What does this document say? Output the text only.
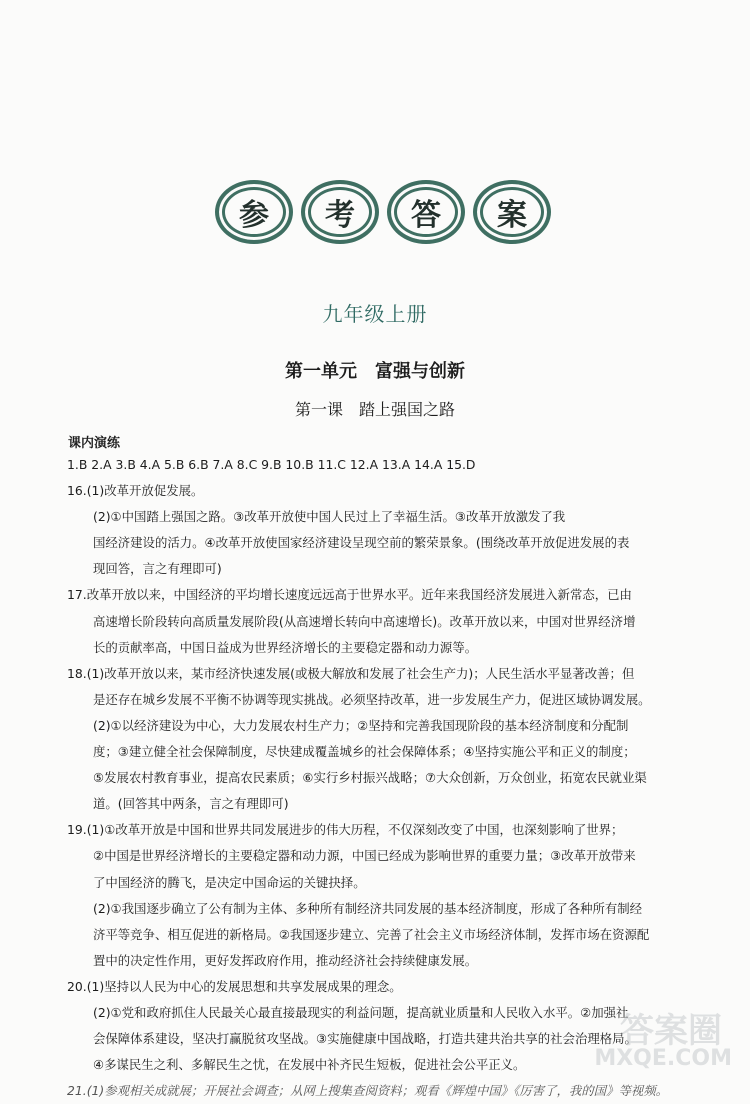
参 考 答 案
九年级上册
第一单元　富强与创新
第一课　踏上强国之路
课内演练
1.B 2.A 3.B 4.A 5.B 6.B 7.A 8.C 9.B 10.B 11.C 12.A 13.A 14.A 15.D
16.(1)改革开放促发展。
(2)①中国踏上强国之路。③改革开放使中国人民过上了幸福生活。③改革开放激发了我
国经济建设的活力。④改革开放使国家经济建设呈现空前的繁荣景象。(围绕改革开放促进发展的表
现回答，言之有理即可)
17.改革开放以来，中国经济的平均增长速度远远高于世界水平。近年来我国经济发展进入新常态，已由
高速增长阶段转向高质量发展阶段(从高速增长转向中高速增长)。改革开放以来，中国对世界经济增
长的贡献率高，中国日益成为世界经济增长的主要稳定器和动力源等。
18.(1)改革开放以来，某市经济快速发展(或极大解放和发展了社会生产力)；人民生活水平显著改善；但
是还存在城乡发展不平衡不协调等现实挑战。必须坚持改革，进一步发展生产力，促进区域协调发展。
(2)①以经济建设为中心，大力发展农村生产力；②坚持和完善我国现阶段的基本经济制度和分配制
度；③建立健全社会保障制度，尽快建成覆盖城乡的社会保障体系；④坚持实施公平和正义的制度；
⑤发展农村教育事业，提高农民素质；⑥实行乡村振兴战略；⑦大众创新，万众创业，拓宽农民就业渠
道。(回答其中两条，言之有理即可)
19.(1)①改革开放是中国和世界共同发展进步的伟大历程，不仅深刻改变了中国，也深刻影响了世界；
②中国是世界经济增长的主要稳定器和动力源，中国已经成为影响世界的重要力量；③改革开放带来
了中国经济的腾飞，是决定中国命运的关键抉择。
(2)①我国逐步确立了公有制为主体、多种所有制经济共同发展的基本经济制度，形成了各种所有制经
济平等竞争、相互促进的新格局。②我国逐步建立、完善了社会主义市场经济体制，发挥市场在资源配
置中的决定性作用，更好发挥政府作用，推动经济社会持续健康发展。
20.(1)坚持以人民为中心的发展思想和共享发展成果的理念。
(2)①党和政府抓住人民最关心最直接最现实的利益问题，提高就业质量和人民收入水平。②加强社
会保障体系建设，坚决打赢脱贫攻坚战。③实施健康中国战略，打造共建共治共享的社会治理格局。
④多谋民生之利、多解民生之忧，在发展中补齐民生短板，促进社会公平正义。
21.(1)参观相关成就展；开展社会调查；从网上搜集查阅资料；观看《辉煌中国》《厉害了，我的国》等视频。
答案圈
MXQE.COM
